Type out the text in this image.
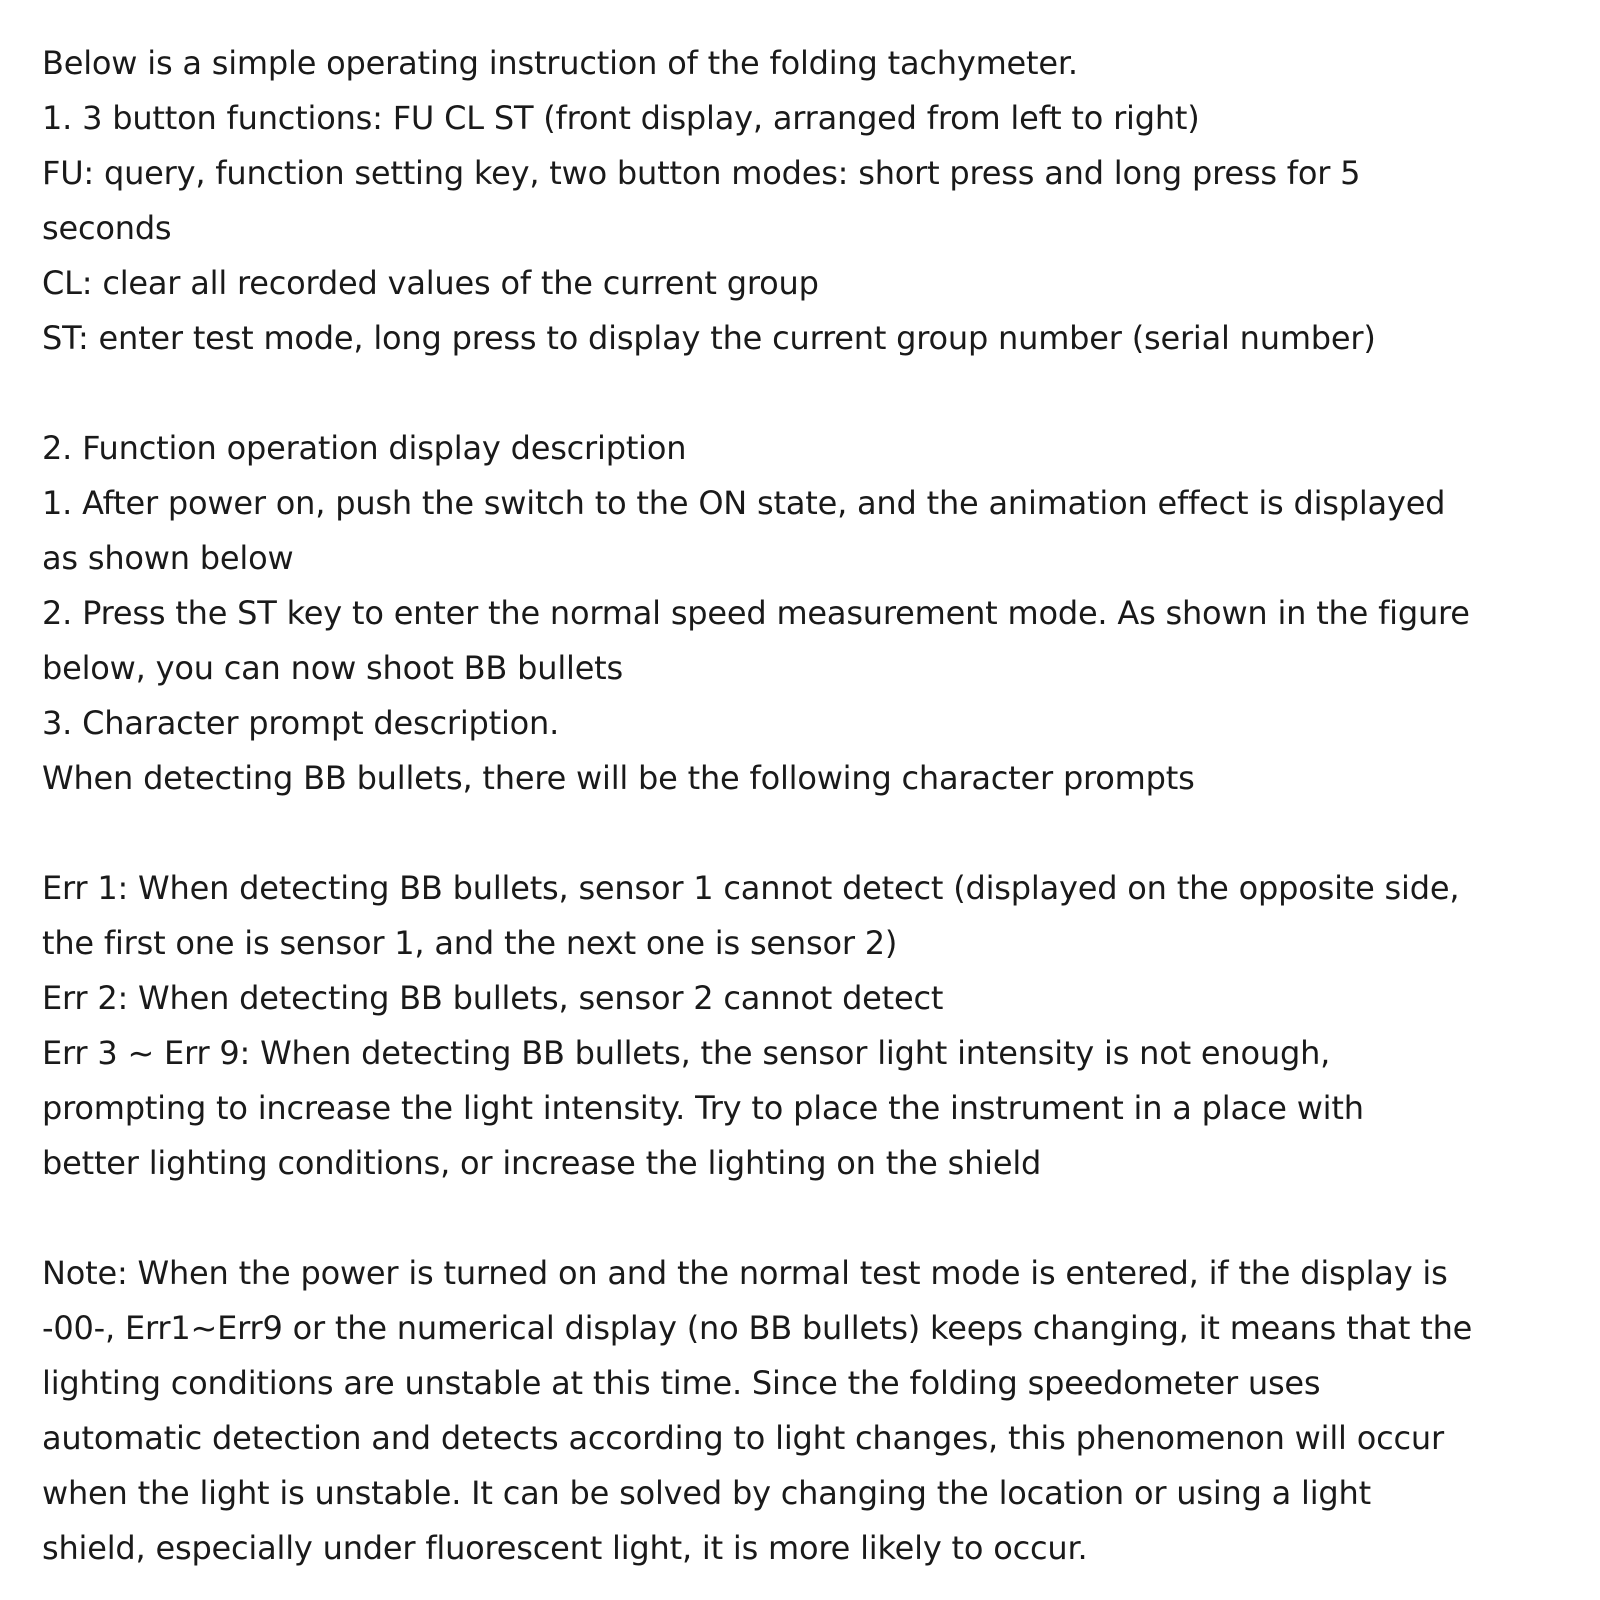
Below is a simple operating instruction of the folding tachymeter.

1. 3 button functions: FU CL ST (front display, arranged from left to right)

FU: query, function setting key, two button modes: short press and long press for 5

seconds

CL: clear all recorded values of the current group

ST: enter test mode, long press to display the current group number (serial number)

2. Function operation display description

1. After power on, push the switch to the ON state, and the animation effect is displayed

as shown below

2. Press the ST key to enter the normal speed measurement mode. As shown in the figure

below, you can now shoot BB bullets

3. Character prompt description.

When detecting BB bullets, there will be the following character prompts

Err 1: When detecting BB bullets, sensor 1 cannot detect (displayed on the opposite side,

the first one is sensor 1, and the next one is sensor 2)

Err 2: When detecting BB bullets, sensor 2 cannot detect

Err 3 ~ Err 9: When detecting BB bullets, the sensor light intensity is not enough,

prompting to increase the light intensity. Try to place the instrument in a place with

better lighting conditions, or increase the lighting on the shield

Note: When the power is turned on and the normal test mode is entered, if the display is

-00-, Err1~Err9 or the numerical display (no BB bullets) keeps changing, it means that the

lighting conditions are unstable at this time. Since the folding speedometer uses

automatic detection and detects according to light changes, this phenomenon will occur

when the light is unstable. It can be solved by changing the location or using a light

shield, especially under fluorescent light, it is more likely to occur.
